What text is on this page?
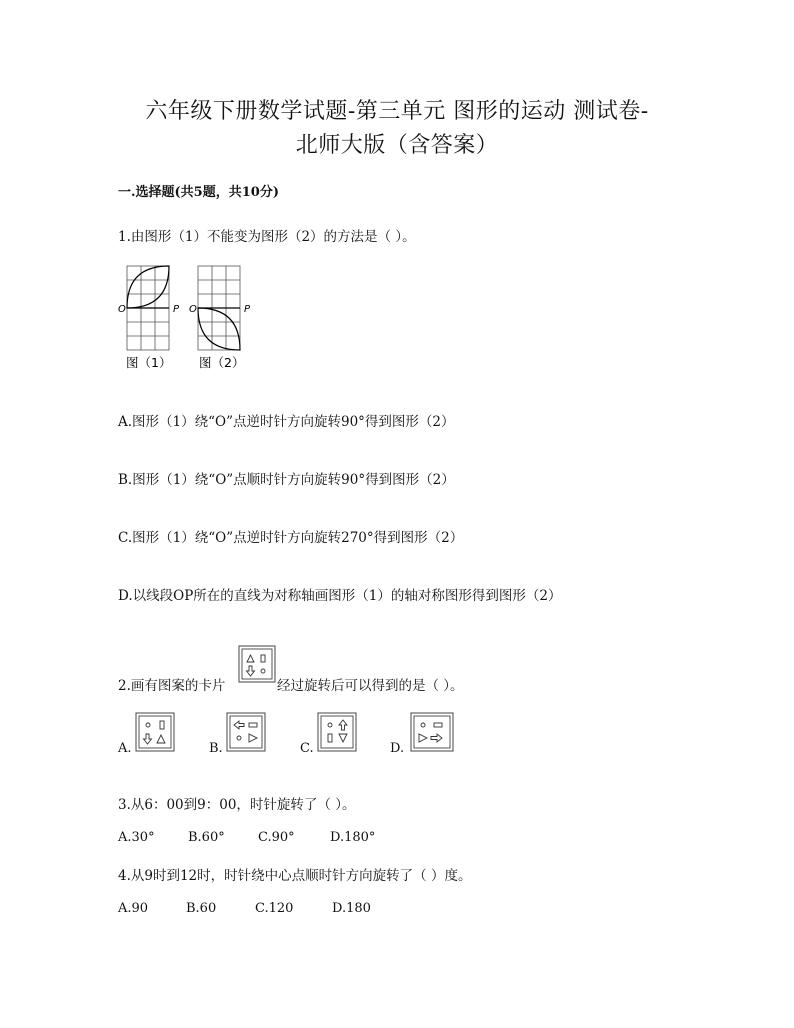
六年级下册数学试题-第三单元 图形的运动 测试卷-
北师大版（含答案）
一.选择题(共5题，共10分)
1.由图形（1）不能变为图形（2）的方法是（ ）。
O	P O	P
图（1） 图（2）
A.图形（1）绕“O”点逆时针方向旋转90°得到图形（2）
B.图形（1）绕“O”点顺时针方向旋转90°得到图形（2）
C.图形（1）绕“O”点逆时针方向旋转270°得到图形（2）
D.以线段OP所在的直线为对称轴画图形（1）的轴对称图形得到图形（2）
2.画有图案的卡片	经过旋转后可以得到的是（ ）。
A.	B.	C.	D.
3.从6：00到9：00，时针旋转了（ ）。
A.30°	B.60°	C.90°	D.180°
4.从9时到12时，时针绕中心点顺时针方向旋转了（ ）度。
A.90	B.60	C.120	D.180
